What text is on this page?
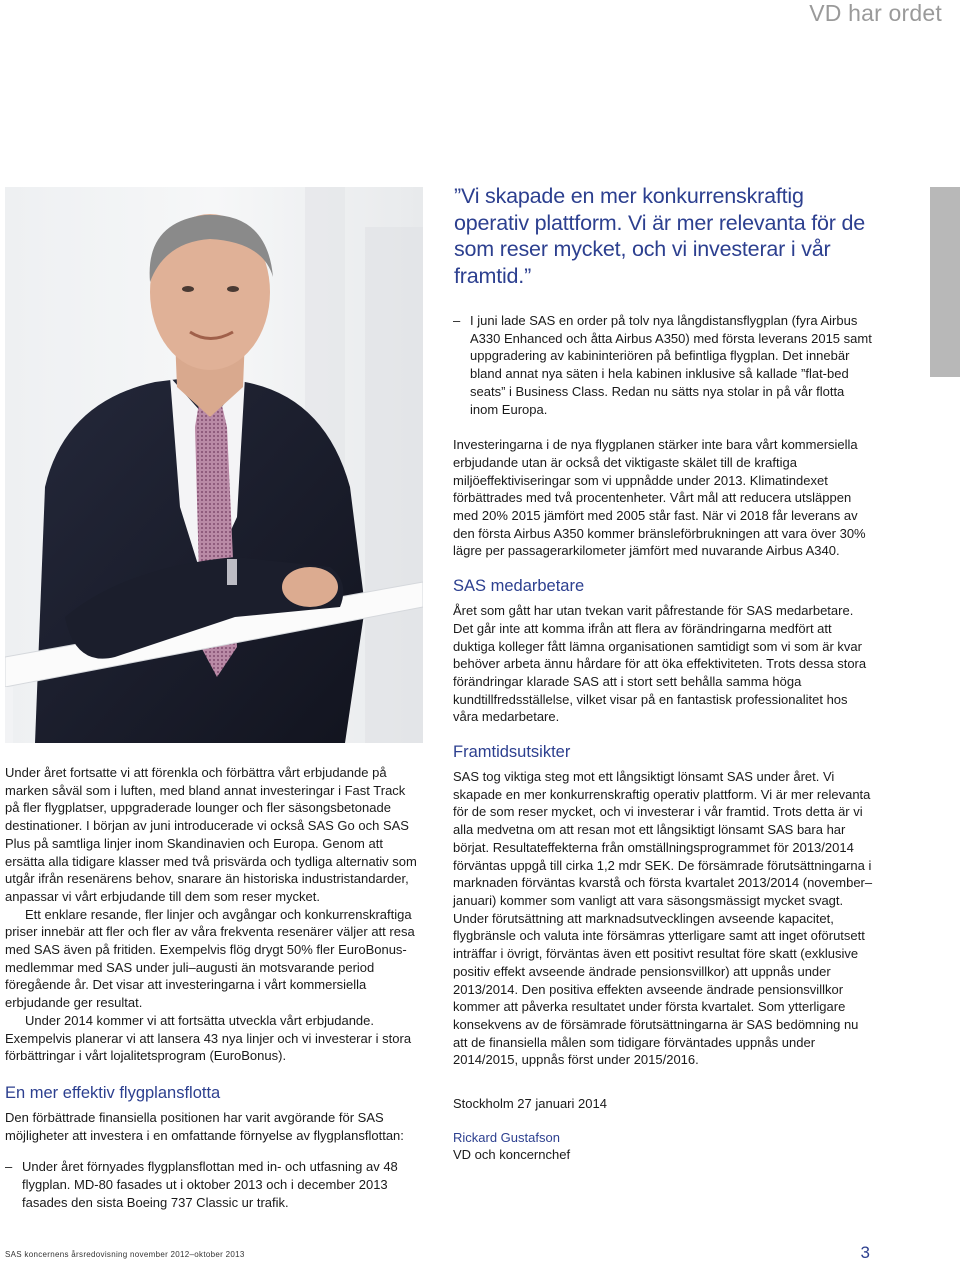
VD har ordet
”Vi skapade en mer konkurrenskraftig operativ plattform. Vi är mer relevanta för de som reser mycket, och vi investerar i vår framtid.”
– I juni lade SAS en order på tolv nya långdistansflygplan (fyra Airbus A330 Enhanced och åtta Airbus A350) med första leverans 2015 samt uppgradering av kabininteriören på befintliga flygplan. Det innebär bland annat nya säten i hela kabinen inklusive så kallade ”flat-bed seats” i Business Class. Redan nu sätts nya stolar in på vår flotta inom Europa.

Investeringarna i de nya flygplanen stärker inte bara vårt kommersiella erbjudande utan är också det viktigaste skälet till de kraftiga miljöeffektiviseringar som vi uppnådde under 2013. Klimatindexet förbättrades med två procentenheter. Vårt mål att reducera utsläppen med 20% 2015 jämfört med 2005 står fast. När vi 2018 får leverans av den första Airbus A350 kommer bränsleförbrukningen att vara över 30% lägre per passagerarkilometer jämfört med nuvarande Airbus A340.

SAS medarbetare

Året som gått har utan tvekan varit påfrestande för SAS medarbetare. Det går inte att komma ifrån att flera av förändringarna medfört att duktiga kolleger fått lämna organisationen samtidigt som vi som är kvar behöver arbeta ännu hårdare för att öka effektiviteten. Trots dessa stora förändringar klarade SAS att i stort sett behålla samma höga kundtillfredsställelse, vilket visar på en fantastisk professionalitet hos våra medarbetare.

Framtidsutsikter

SAS tog viktiga steg mot ett långsiktigt lönsamt SAS under året. Vi skapade en mer konkurrenskraftig operativ plattform. Vi är mer relevanta för de som reser mycket, och vi investerar i vår framtid. Trots detta är vi alla medvetna om att resan mot ett långsiktigt lönsamt SAS bara har börjat. Resultateffekterna från omställningsprogrammet för 2013/2014 förväntas uppgå till cirka 1,2 mdr SEK. De försämrade förutsättningarna i marknaden förväntas kvarstå och första kvartalet 2013/2014 (november–januari) kommer som vanligt att vara säsongsmässigt mycket svagt. Under förutsättning att marknadsutvecklingen avseende kapacitet, flygbränsle och valuta inte försämras ytterligare samt att inget oförutsett inträffar i övrigt, förväntas även ett positivt resultat före skatt (exklusive positiv effekt avseende ändrade pensionsvillkor) att uppnås under 2013/2014. Den positiva effekten avseende ändrade pensionsvillkor kommer att påverka resultatet under första kvartalet. Som ytterligare konsekvens av de försämrade förutsättningarna är SAS bedömning nu att de finansiella målen som tidigare förväntades uppnås under 2014/2015, uppnås först under 2015/2016.

Stockholm 27 januari 2014

Rickard Gustafson

VD och koncernchef

Under året fortsatte vi att förenkla och förbättra vårt erbjudande på marken såväl som i luften, med bland annat investeringar i Fast Track på fler flygplatser, uppgraderade lounger och fler säsongsbetonade destinationer. I början av juni introducerade vi också SAS Go och SAS Plus på samtliga linjer inom Skandinavien och Europa. Genom att ersätta alla tidigare klasser med två prisvärda och tydliga alternativ som utgår ifrån resenärens behov, snarare än historiska industristandarder, anpassar vi vårt erbjudande till dem som reser mycket.

Ett enklare resande, fler linjer och avgångar och konkurrenskraftiga priser innebär att fler och fler av våra frekventa resenärer väljer att resa med SAS även på fritiden. Exempelvis flög drygt 50% fler EuroBonus-medlemmar med SAS under juli–augusti än motsvarande period föregående år. Det visar att investeringarna i vårt kommersiella erbjudande ger resultat.

Under 2014 kommer vi att fortsätta utveckla vårt erbjudande. Exempelvis planerar vi att lansera 43 nya linjer och vi investerar i stora förbättringar i vårt lojalitetsprogram (EuroBonus).

En mer effektiv flygplansflotta

Den förbättrade finansiella positionen har varit avgörande för SAS möjligheter att investera i en omfattande förnyelse av flygplansflottan:

– Under året förnyades flygplansflottan med in- och utfasning av 48 flygplan. MD-80 fasades ut i oktober 2013 och i december 2013 fasades den sista Boeing 737 Classic ur trafik.
SAS koncernens årsredovisning november 2012–oktober 2013	3
